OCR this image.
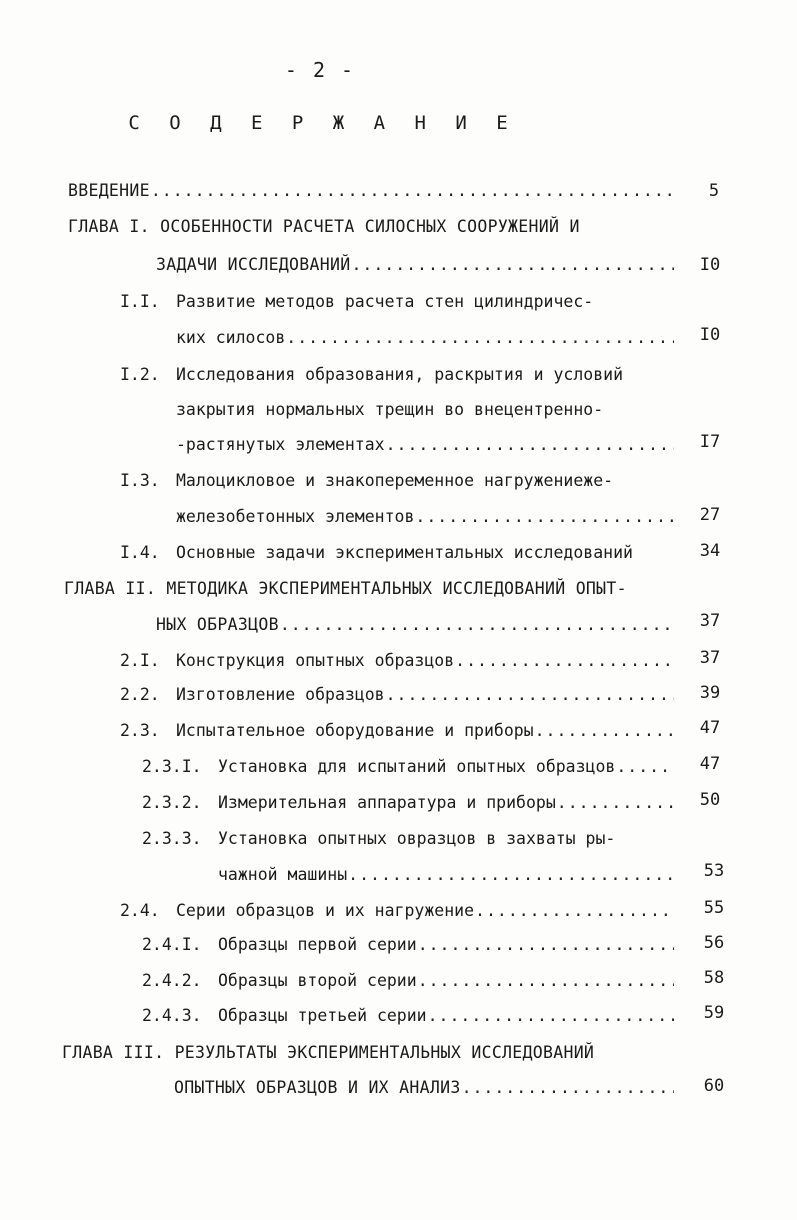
- 2 -
С О Д Е Р Ж А Н И Е
ВВЕДЕНИЕ .....	5
ГЛАВА I. ОСОБЕННОСТИ РАСЧЕТА СИЛОСНЫХ СООРУЖЕНИЙ И
ЗАДАЧИ ИССЛЕДОВАНИЙ .....	I0
I.I. Развитие методов расчета стен цилиндричес-
ких силосов .....	I0
I.2. Исследования образования, раскрытия и условий
закрытия нормальных трещин во внецентренно-
-растянутых элементах .....	I7
I.3. Малоцикловое и знакопеременное нагружениеже-
железобетонных элементов .....	27
I.4. Основные задачи экспериментальных исследований	34
ГЛАВА II. МЕТОДИКА ЭКСПЕРИМЕНТАЛЬНЫХ ИССЛЕДОВАНИЙ ОПЫТ-
НЫХ ОБРАЗЦОВ .....	37
2.I. Конструкция опытных образцов .....	37
2.2. Изготовление образцов .....	39
2.3. Испытательное оборудование и приборы .....	47
2.3.I. Установка для испытаний опытных образцов .....	47
2.3.2. Измерительная аппаратура и приборы .....	50
2.3.3. Установка опытных овразцов в захваты ры-
чажной машины .....	53
2.4. Серии образцов и их нагружение .....	55
2.4.I. Образцы первой серии .....	56
2.4.2. Образцы второй серии .....	58
2.4.3. Образцы третьей серии .....	59
ГЛАВА III. РЕЗУЛЬТАТЫ ЭКСПЕРИМЕНТАЛЬНЫХ ИССЛЕДОВАНИЙ
ОПЫТНЫХ ОБРАЗЦОВ И ИХ АНАЛИЗ .....	60
